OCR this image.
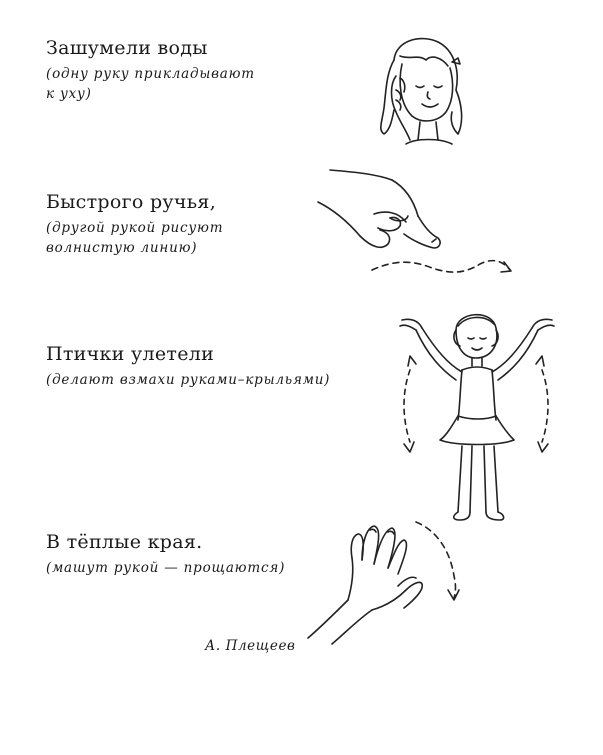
Зашумели воды

(одну руку прикладывают
к уху)

Быстрого ручья,

(другой рукой рисуют
волнистую линию)

Птички улетели

(делают взмахи руками–крыльями)

В тёплые края.

(машут рукой — прощаются)

А. Плещеев
